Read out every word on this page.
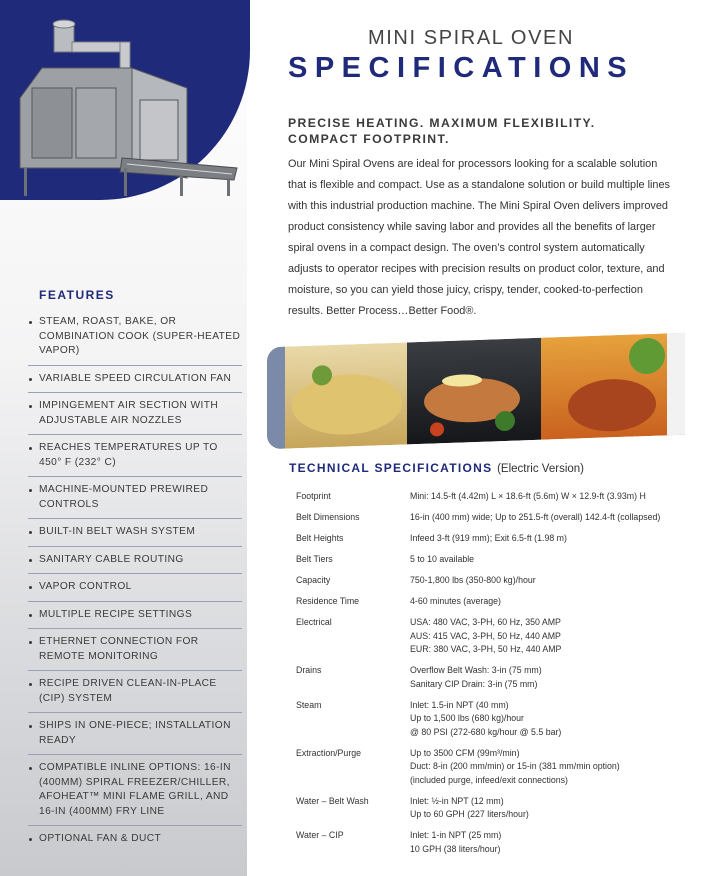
FEATURES
STEAM, ROAST, BAKE, OR COMBINATION COOK (SUPER-HEATED VAPOR)
VARIABLE SPEED CIRCULATION FAN
IMPINGEMENT AIR SECTION WITH ADJUSTABLE AIR NOZZLES
REACHES TEMPERATURES UP TO 450° F (232° C)
MACHINE-MOUNTED PREWIRED CONTROLS
BUILT-IN BELT WASH SYSTEM
SANITARY CABLE ROUTING
VAPOR CONTROL
MULTIPLE RECIPE SETTINGS
ETHERNET CONNECTION FOR REMOTE MONITORING
RECIPE DRIVEN CLEAN-IN-PLACE (CIP) SYSTEM
SHIPS IN ONE-PIECE; INSTALLATION READY
COMPATIBLE INLINE OPTIONS: 16-IN (400MM) SPIRAL FREEZER/CHILLER, AFOHEAT™ MINI FLAME GRILL, AND 16-IN (400MM) FRY LINE
OPTIONAL FAN & DUCT
MINI SPIRAL OVEN
SPECIFICATIONS
PRECISE HEATING. MAXIMUM FLEXIBILITY.
COMPACT FOOTPRINT.
Our Mini Spiral Ovens are ideal for processors looking for a scalable solution that is flexible and compact. Use as a standalone solution or build multiple lines with this industrial production machine. The Mini Spiral Oven delivers improved product consistency while saving labor and provides all the benefits of larger spiral ovens in a compact design. The oven’s control system automatically adjusts to operator recipes with precision results on product color, texture, and moisture, so you can yield those juicy, crispy, tender, cooked-to-perfection results. Better Process…Better Food®.
TECHNICAL SPECIFICATIONS (Electric Version)
Footprint	Mini: 14.5-ft (4.42m) L × 18.6-ft (5.6m) W × 12.9-ft (3.93m) H

Belt Dimensions	16-in (400 mm) wide; Up to 251.5-ft (overall) 142.4-ft (collapsed)

Belt Heights	Infeed 3-ft (919 mm); Exit 6.5-ft (1.98 m)

Belt Tiers	5 to 10 available

Capacity	750-1,800 lbs (350-800 kg)/hour

Residence Time	4-60 minutes (average)

Electrical	USA: 480 VAC, 3-PH, 60 Hz, 350 AMP
AUS: 415 VAC, 3-PH, 50 Hz, 440 AMP
EUR: 380 VAC, 3-PH, 50 Hz, 440 AMP

Drains	Overflow Belt Wash: 3-in (75 mm)
Sanitary CIP Drain: 3-in (75 mm)

Steam	Inlet: 1.5-in NPT (40 mm)
Up to 1,500 lbs (680 kg)/hour
@ 80 PSI (272-680 kg/hour @ 5.5 bar)

Extraction/Purge	Up to 3500 CFM (99m³/min)
Duct: 8-in (200 mm/min) or 15-in (381 mm/min option)
(included purge, infeed/exit connections)

Water – Belt Wash	Inlet: ½-in NPT (12 mm)
Up to 60 GPH (227 liters/hour)

Water – CIP	Inlet: 1-in NPT (25 mm)
10 GPH (38 liters/hour)
